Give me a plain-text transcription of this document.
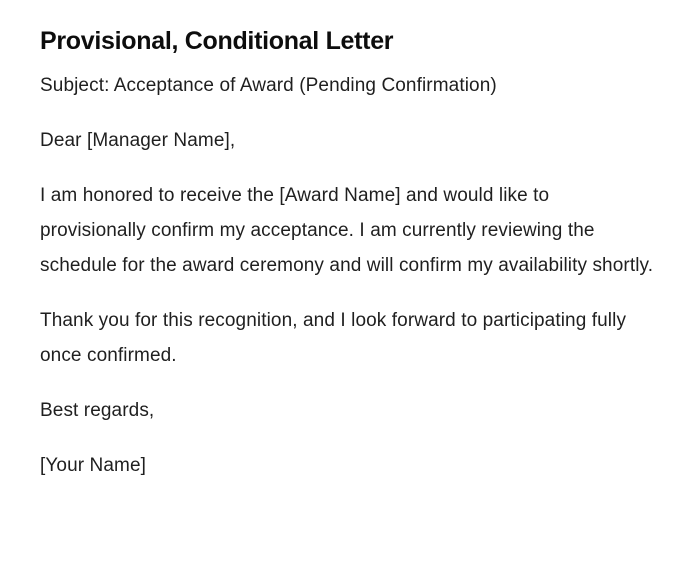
Provisional, Conditional Letter

Subject: Acceptance of Award (Pending Confirmation)

Dear [Manager Name],

I am honored to receive the [Award Name] and would like to provisionally confirm my acceptance. I am currently reviewing the schedule for the award ceremony and will confirm my availability shortly.

Thank you for this recognition, and I look forward to participating fully once confirmed.

Best regards,

[Your Name]
